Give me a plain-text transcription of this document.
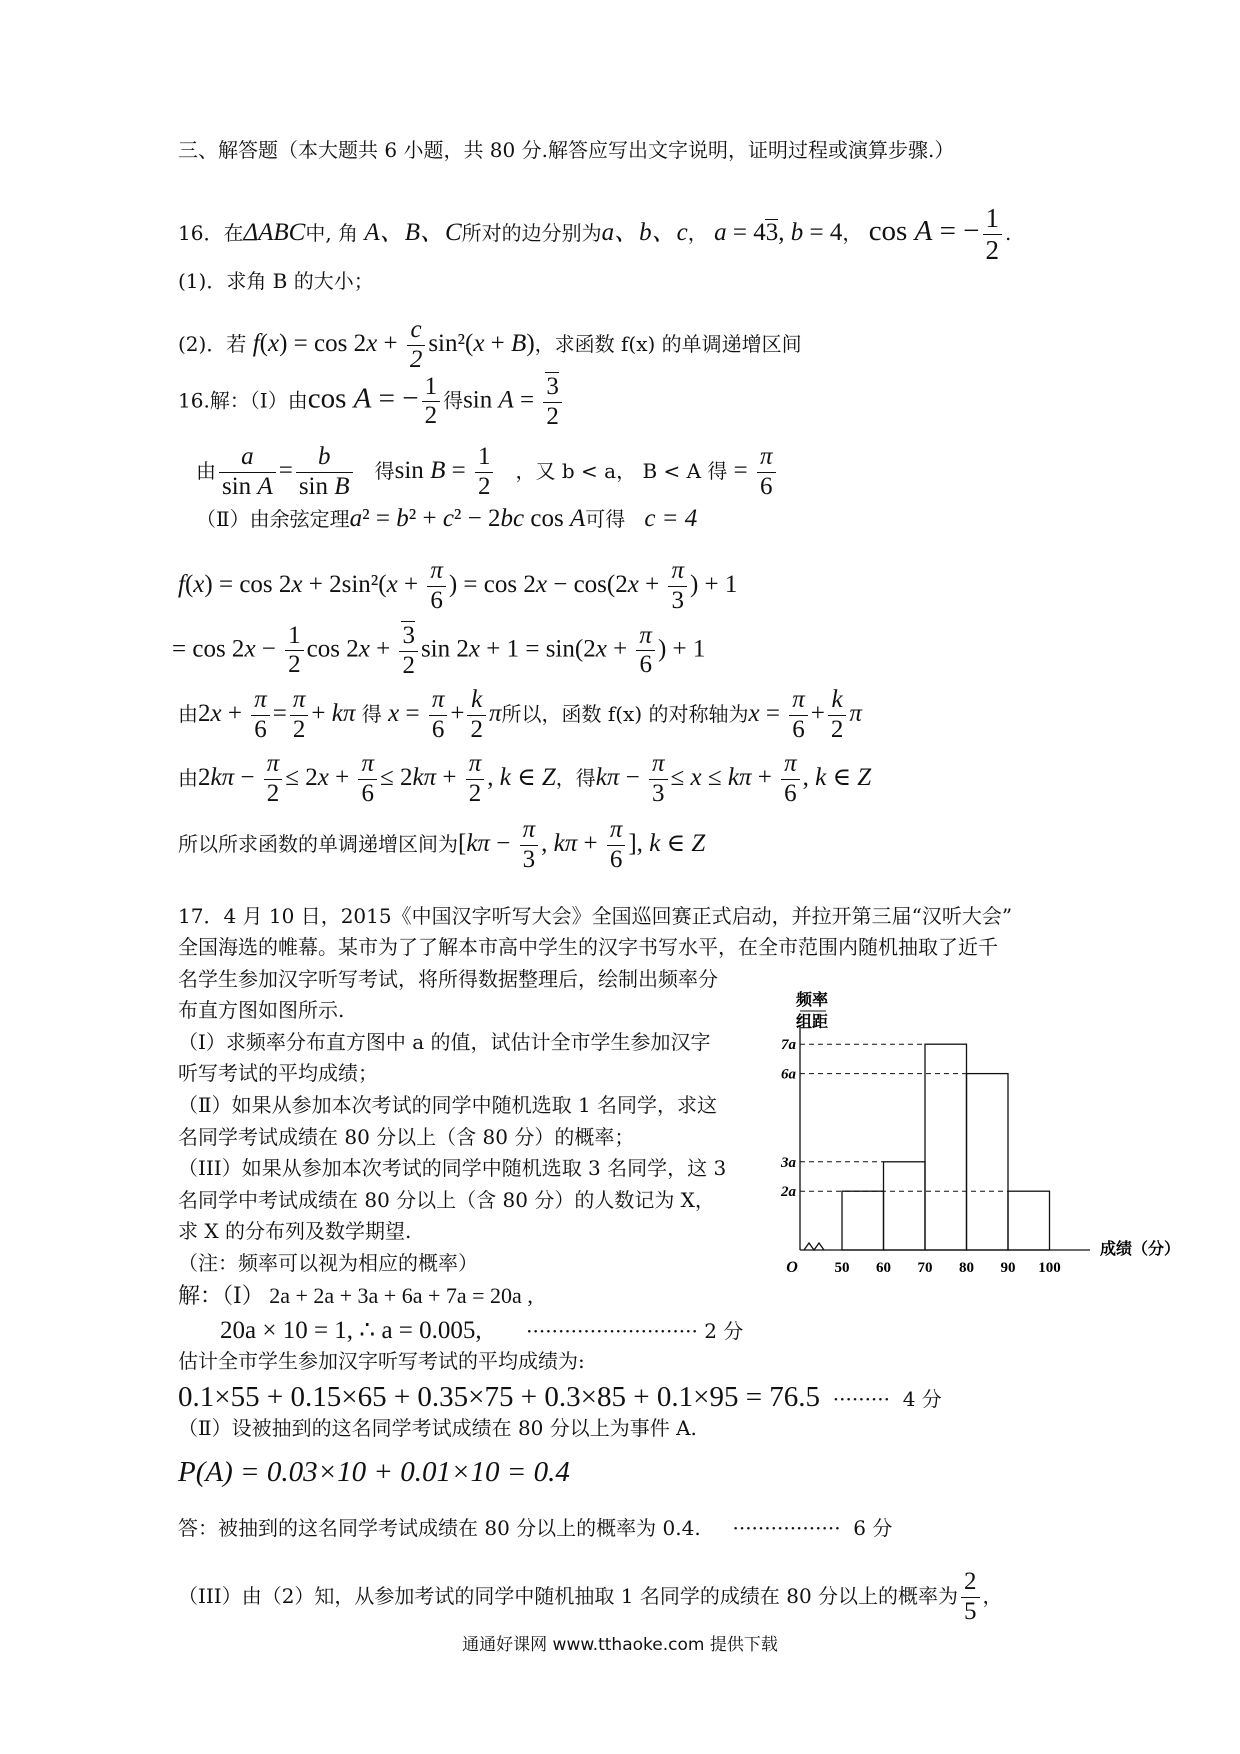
三、解答题（本大题共 6 小题，共 80 分.解答应写出文字说明，证明过程或演算步骤.）
16．在ΔABC中, 角 A、B、C所对的边分别为a、b、c， a = 43, b = 4， cos A = − $\frac{1}{2}$ .
(1)．求角 B 的大小；
(2)．若 $f(x) = \cos 2x + \frac{c}{2} \sin^2(x + B)$，求函数 f(x) 的单调递增区间
16.解：（Ⅰ）由cos A = − $\frac{1}{2}$ 得$\sin A = \frac{3}{2}$
由 $\frac{a}{\text{sin A}} = \frac{b}{\text{sin B}}$ 得$\sin B = \frac{1}{2}$ ，又 b < a， B < A 得 = $\frac{\pi}{6}$
（Ⅱ）由余弦定理a² = b² + c² − 2bc cos A可得 c = 4
$f(x) = \cos 2x + 2\sin^2(x + \frac{\pi}{6}$ ) = $\cos 2x - \cos(2x + \frac{\pi}{3}$ ) + 1
= $\cos 2x - \frac{1}{2}$ $\cos 2x + \frac{3}{2}$ $\sin 2x + 1 = \sin(2x + \frac{\pi}{6}$ ) + 1
由$2x + \frac{\pi}{6} = \frac{\pi}{2} + k\pi$ 得 $x = \frac{\pi}{6} + \frac{k}{2}$ π所以，函数 f(x) 的对称轴为$x = \frac{\pi}{6} + \frac{k}{2}$ π
由$2k\pi - \frac{\pi}{2} \le 2x + \frac{\pi}{6} \le 2k\pi + \frac{\pi}{2}$ , k ∈ Z，得$k\pi - \frac{\pi}{3} \le x \le k\pi + \frac{\pi}{6}$ , k ∈ Z
所以所求函数的单调递增区间为[$k\pi - \frac{\pi}{3}$ , $k\pi + \frac{\pi}{6}$ ], k ∈ Z
17．4 月 10 日，2015《中国汉字听写大会》全国巡回赛正式启动，并拉开第三届“汉听大会”
全国海选的帷幕。某市为了了解本市高中学生的汉字书写水平，在全市范围内随机抽取了近千
名学生参加汉字听写考试，将所得数据整理后，绘制出频率分
布直方图如图所示.
（Ⅰ）求频率分布直方图中 a 的值，试估计全市学生参加汉字
听写考试的平均成绩；
（Ⅱ）如果从参加本次考试的同学中随机选取 1 名同学，求这
名同学考试成绩在 80 分以上（含 80 分）的概率；
（III）如果从参加本次考试的同学中随机选取 3 名同学，这 3
名同学中考试成绩在 80 分以上（含 80 分）的人数记为 X，
求 X 的分布列及数学期望.
（注：频率可以视为相应的概率）
频率
组距
O
成绩（分）
2a
3a
6a
7a
50 60 70 80 90 100
解：（Ⅰ） 2a + 2a + 3a + 6a + 7a = 20a ,
20a × 10 = 1, ∴ a = 0.005, ··························· 2 分
估计全市学生参加汉字听写考试的平均成绩为:
0.1×55 + 0.15×65 + 0.35×75 + 0.3×85 + 0.1×95 = 76.5 ········· 4 分
（Ⅱ）设被抽到的这名同学考试成绩在 80 分以上为事件 A.
P(A) = 0.03×10 + 0.01×10 = 0.4
答：被抽到的这名同学考试成绩在 80 分以上的概率为 0.4. ················· 6 分
（III）由（2）知，从参加考试的同学中随机抽取 1 名同学的成绩在 80 分以上的概率为 $\frac{2}{5}$ ，
通通好课网 www.tthaoke.com 提供下载
